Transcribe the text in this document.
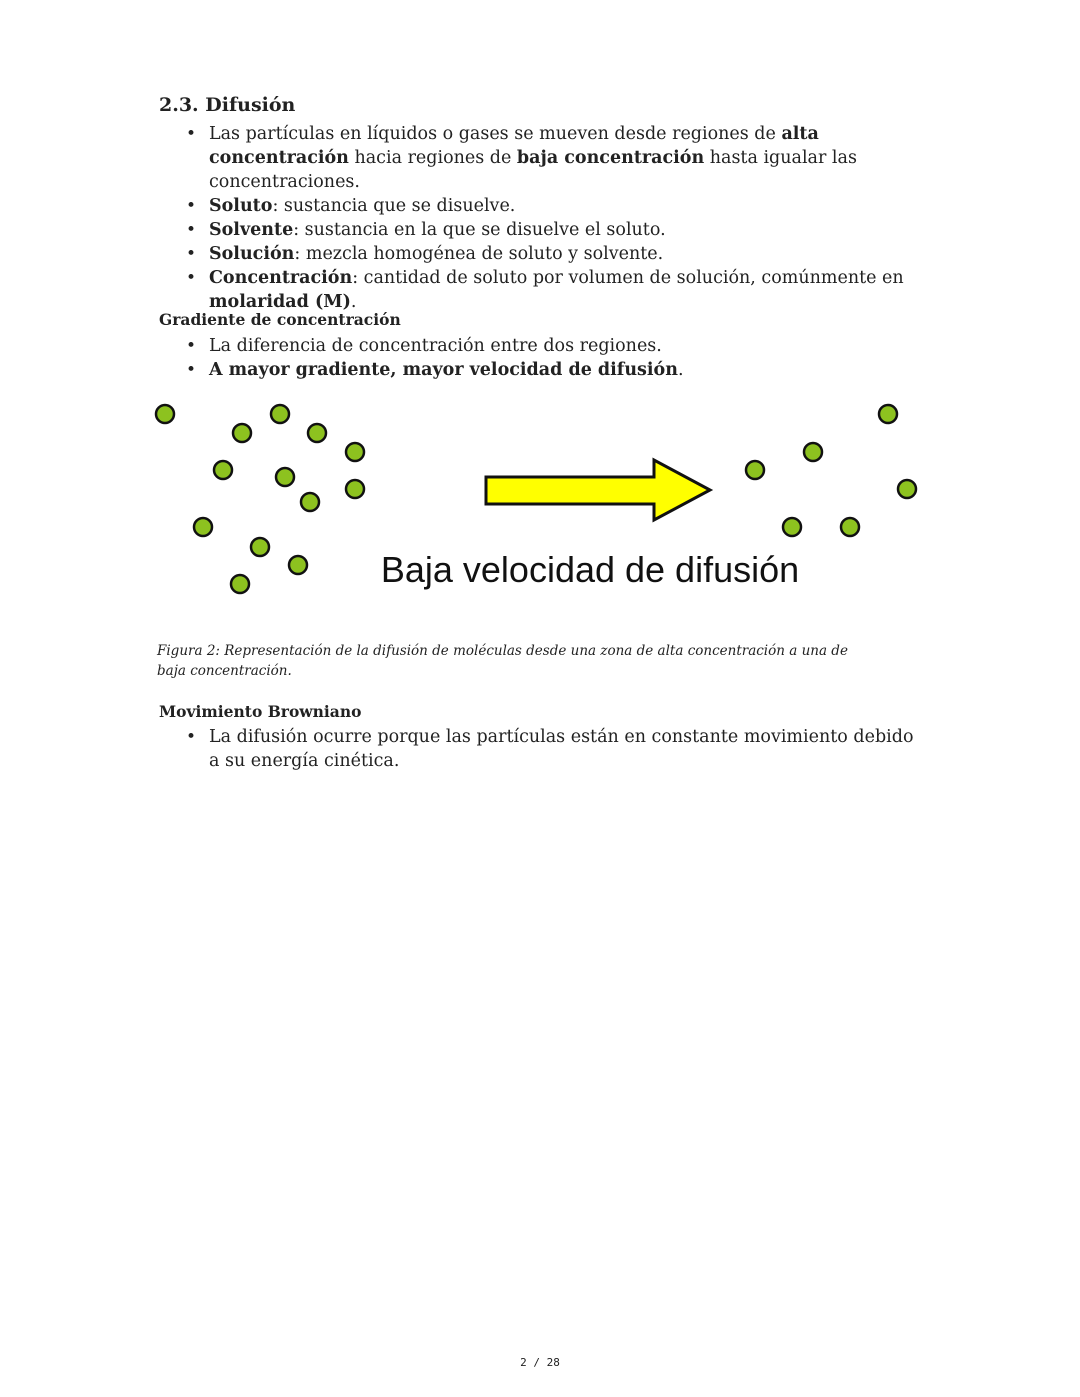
2.3. Difusión
• Las partículas en líquidos o gases se mueven desde regiones de alta concentración hacia regiones de baja concentración hasta igualar las concentraciones.
• Soluto: sustancia que se disuelve.
• Solvente: sustancia en la que se disuelve el soluto.
• Solución: mezcla homogénea de soluto y solvente.
• Concentración: cantidad de soluto por volumen de solución, comúnmente en molaridad (M).
Gradiente de concentración
• La diferencia de concentración entre dos regiones.
• A mayor gradiente, mayor velocidad de difusión.
Baja velocidad de difusión

Figura 2: Representación de la difusión de moléculas desde una zona de alta concentración a una de baja concentración.

Movimiento Browniano
• La difusión ocurre porque las partículas están en constante movimiento debido a su energía cinética.
2 / 28
